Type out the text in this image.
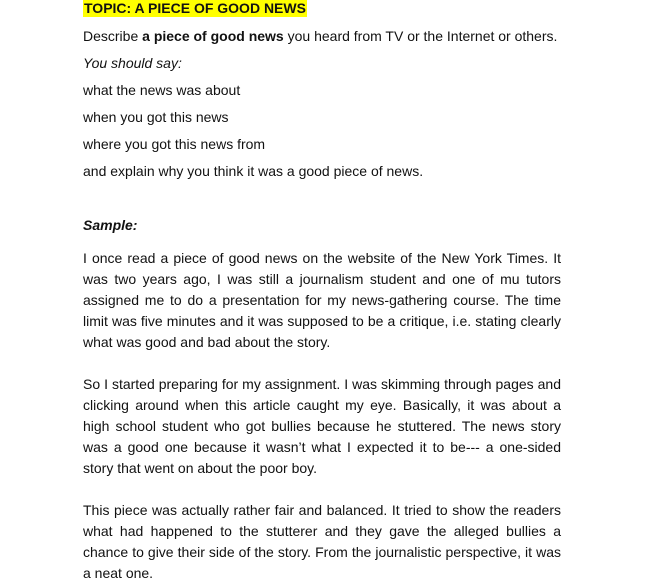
TOPIC: A PIECE OF GOOD NEWS

Describe a piece of good news you heard from TV or the Internet or others.

You should say:

what the news was about

when you got this news

where you got this news from

and explain why you think it was a good piece of news.

Sample:

I once read a piece of good news on the website of the New York Times. It was two years ago, I was still a journalism student and one of mu tutors assigned me to do a presentation for my news-gathering course. The time limit was five minutes and it was supposed to be a critique, i.e. stating clearly what was good and bad about the story.

So I started preparing for my assignment. I was skimming through pages and clicking around when this article caught my eye. Basically, it was about a high school student who got bullies because he stuttered. The news story was a good one because it wasn’t what I expected it to be--- a one-sided story that went on about the poor boy.

This piece was actually rather fair and balanced. It tried to show the readers what had happened to the stutterer and they gave the alleged bullies a chance to give their side of the story. From the journalistic perspective, it was a neat one.
